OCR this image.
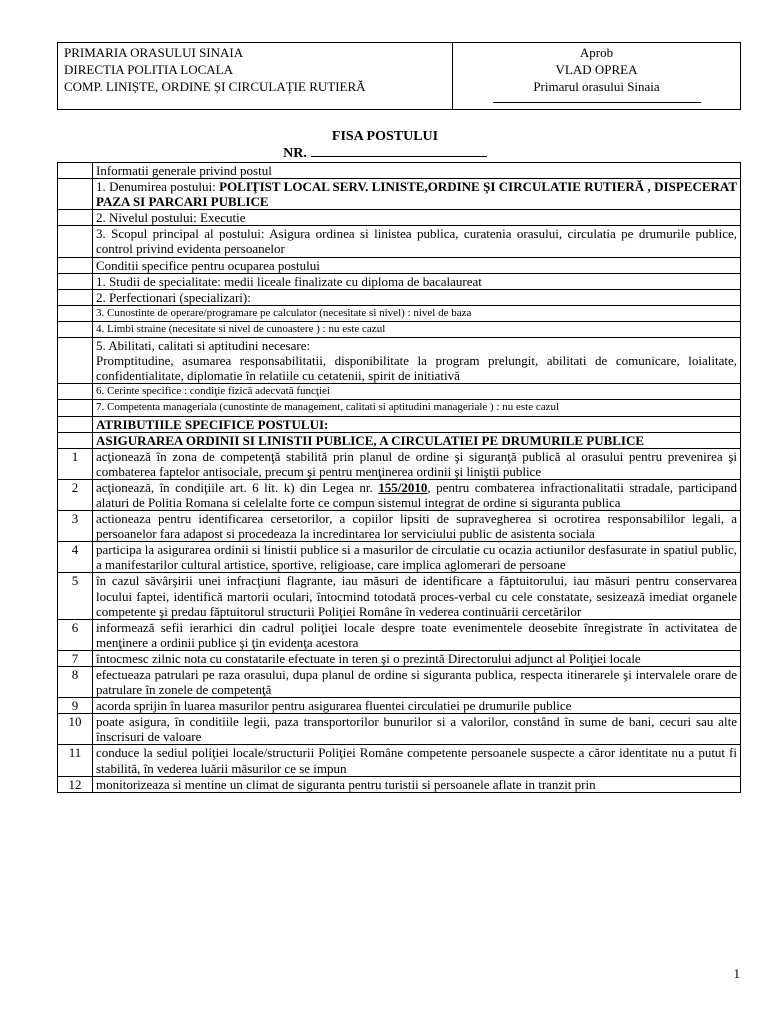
PRIMARIA ORASULUI SINAIA
DIRECTIA POLITIA LOCALA
COMP. LINIȘTE, ORDINE ȘI CIRCULAȚIE RUTIERĂ
Aprob
VLAD OPREA
Primarul orasului Sinaia
FISA POSTULUI
NR.
	Informatii generale privind postul
	1. Denumirea postului: POLIŢIST LOCAL SERV. LINISTE,ORDINE ŞI CIRCULATIE RUTIERĂ , DISPECERAT PAZA SI PARCARI PUBLICE
	2. Nivelul postului: Executie
	3. Scopul principal al postului: Asigura ordinea si linistea publica, curatenia orasului, circulatia pe drumurile publice, control privind evidenta persoanelor
	Conditii specifice pentru ocuparea postului
	1. Studii de specialitate: medii liceale finalizate cu diploma de bacalaureat
	2. Perfectionari (specializari):
	3. Cunostinte de operare/programare pe calculator (necesitate si nivel) : nivel de baza
	4. Limbi straine (necesitate si nivel de cunoastere ) : nu este cazul

	5. Abilitati, calitati si aptitudini necesare:
Promptitudine, asumarea responsabilitatii, disponibilitate la program prelungit, abilitati de comunicare, loialitate, confidentialitate, diplomatie în relatiile cu cetatenii, spirit de initiativă

	6. Cerinte specifice : condiţie fizică adecvată funcţiei
	7. Competenta manageriala (cunostinte de management, calitati si aptitudini manageriale ) : nu este cazul
	ATRIBUTIILE SPECIFICE POSTULUI:
	ASIGURAREA ORDINII SI LINISTII PUBLICE, A CIRCULATIEI PE DRUMURILE PUBLICE
1	acţionează în zona de competenţă stabilită prin planul de ordine şi siguranţă publică al orasului pentru prevenirea şi combaterea faptelor antisociale, precum şi pentru menţinerea ordinii şi liniştii publice
2	acţionează, în condiţiile art. 6 lit. k) din Legea nr. 155/2010, pentru combaterea infractionalitatii stradale, participand alaturi de Politia Romana si celelalte forte ce compun sistemul integrat de ordine si siguranta publica
3	actioneaza pentru identificarea cersetorilor, a copiilor lipsiti de supravegherea si ocrotirea responsabililor legali, a persoanelor fara adapost si procedeaza la incredintarea lor serviciului public de asistenta sociala
4	participa la asigurarea ordinii si linistii publice si a masurilor de circulatie cu ocazia actiunilor desfasurate in spatiul public, a manifestarilor cultural artistice, sportive, religioase, care implica aglomerari de persoane
5	în cazul săvârşirii unei infracţiuni flagrante, iau măsuri de identificare a făptuitorului, iau măsuri pentru conservarea locului faptei, identifică martorii oculari, întocmind totodată proces-verbal cu cele constatate, sesizează imediat organele competente şi predau făptuitorul structurii Poliţiei Române în vederea continuării cercetărilor
6	informează sefii ierarhici din cadrul poliţiei locale despre toate evenimentele deosebite înregistrate în activitatea de menţinere a ordinii publice şi ţin evidenţa acestora
7	întocmesc zilnic nota cu constatarile efectuate in teren şi o prezintă Directorului adjunct al Poliţiei locale
8	efectueaza patrulari pe raza orasului, dupa planul de ordine si siguranta publica, respecta itinerarele şi intervalele orare de patrulare în zonele de competenţă
9	acorda sprijin în luarea masurilor pentru asigurarea fluentei circulatiei pe drumurile publice
10	poate asigura, în conditiile legii, paza transportorilor bunurilor si a valorilor, constând în sume de bani, cecuri sau alte înscrisuri de valoare
11	conduce la sediul poliţiei locale/structurii Poliţiei Române competente persoanele suspecte a căror identitate nu a putut fi stabilită, în vederea luării măsurilor ce se impun
12	monitorizeaza si mentine un climat de siguranta pentru turistii si persoanele aflate in tranzit prin
1
